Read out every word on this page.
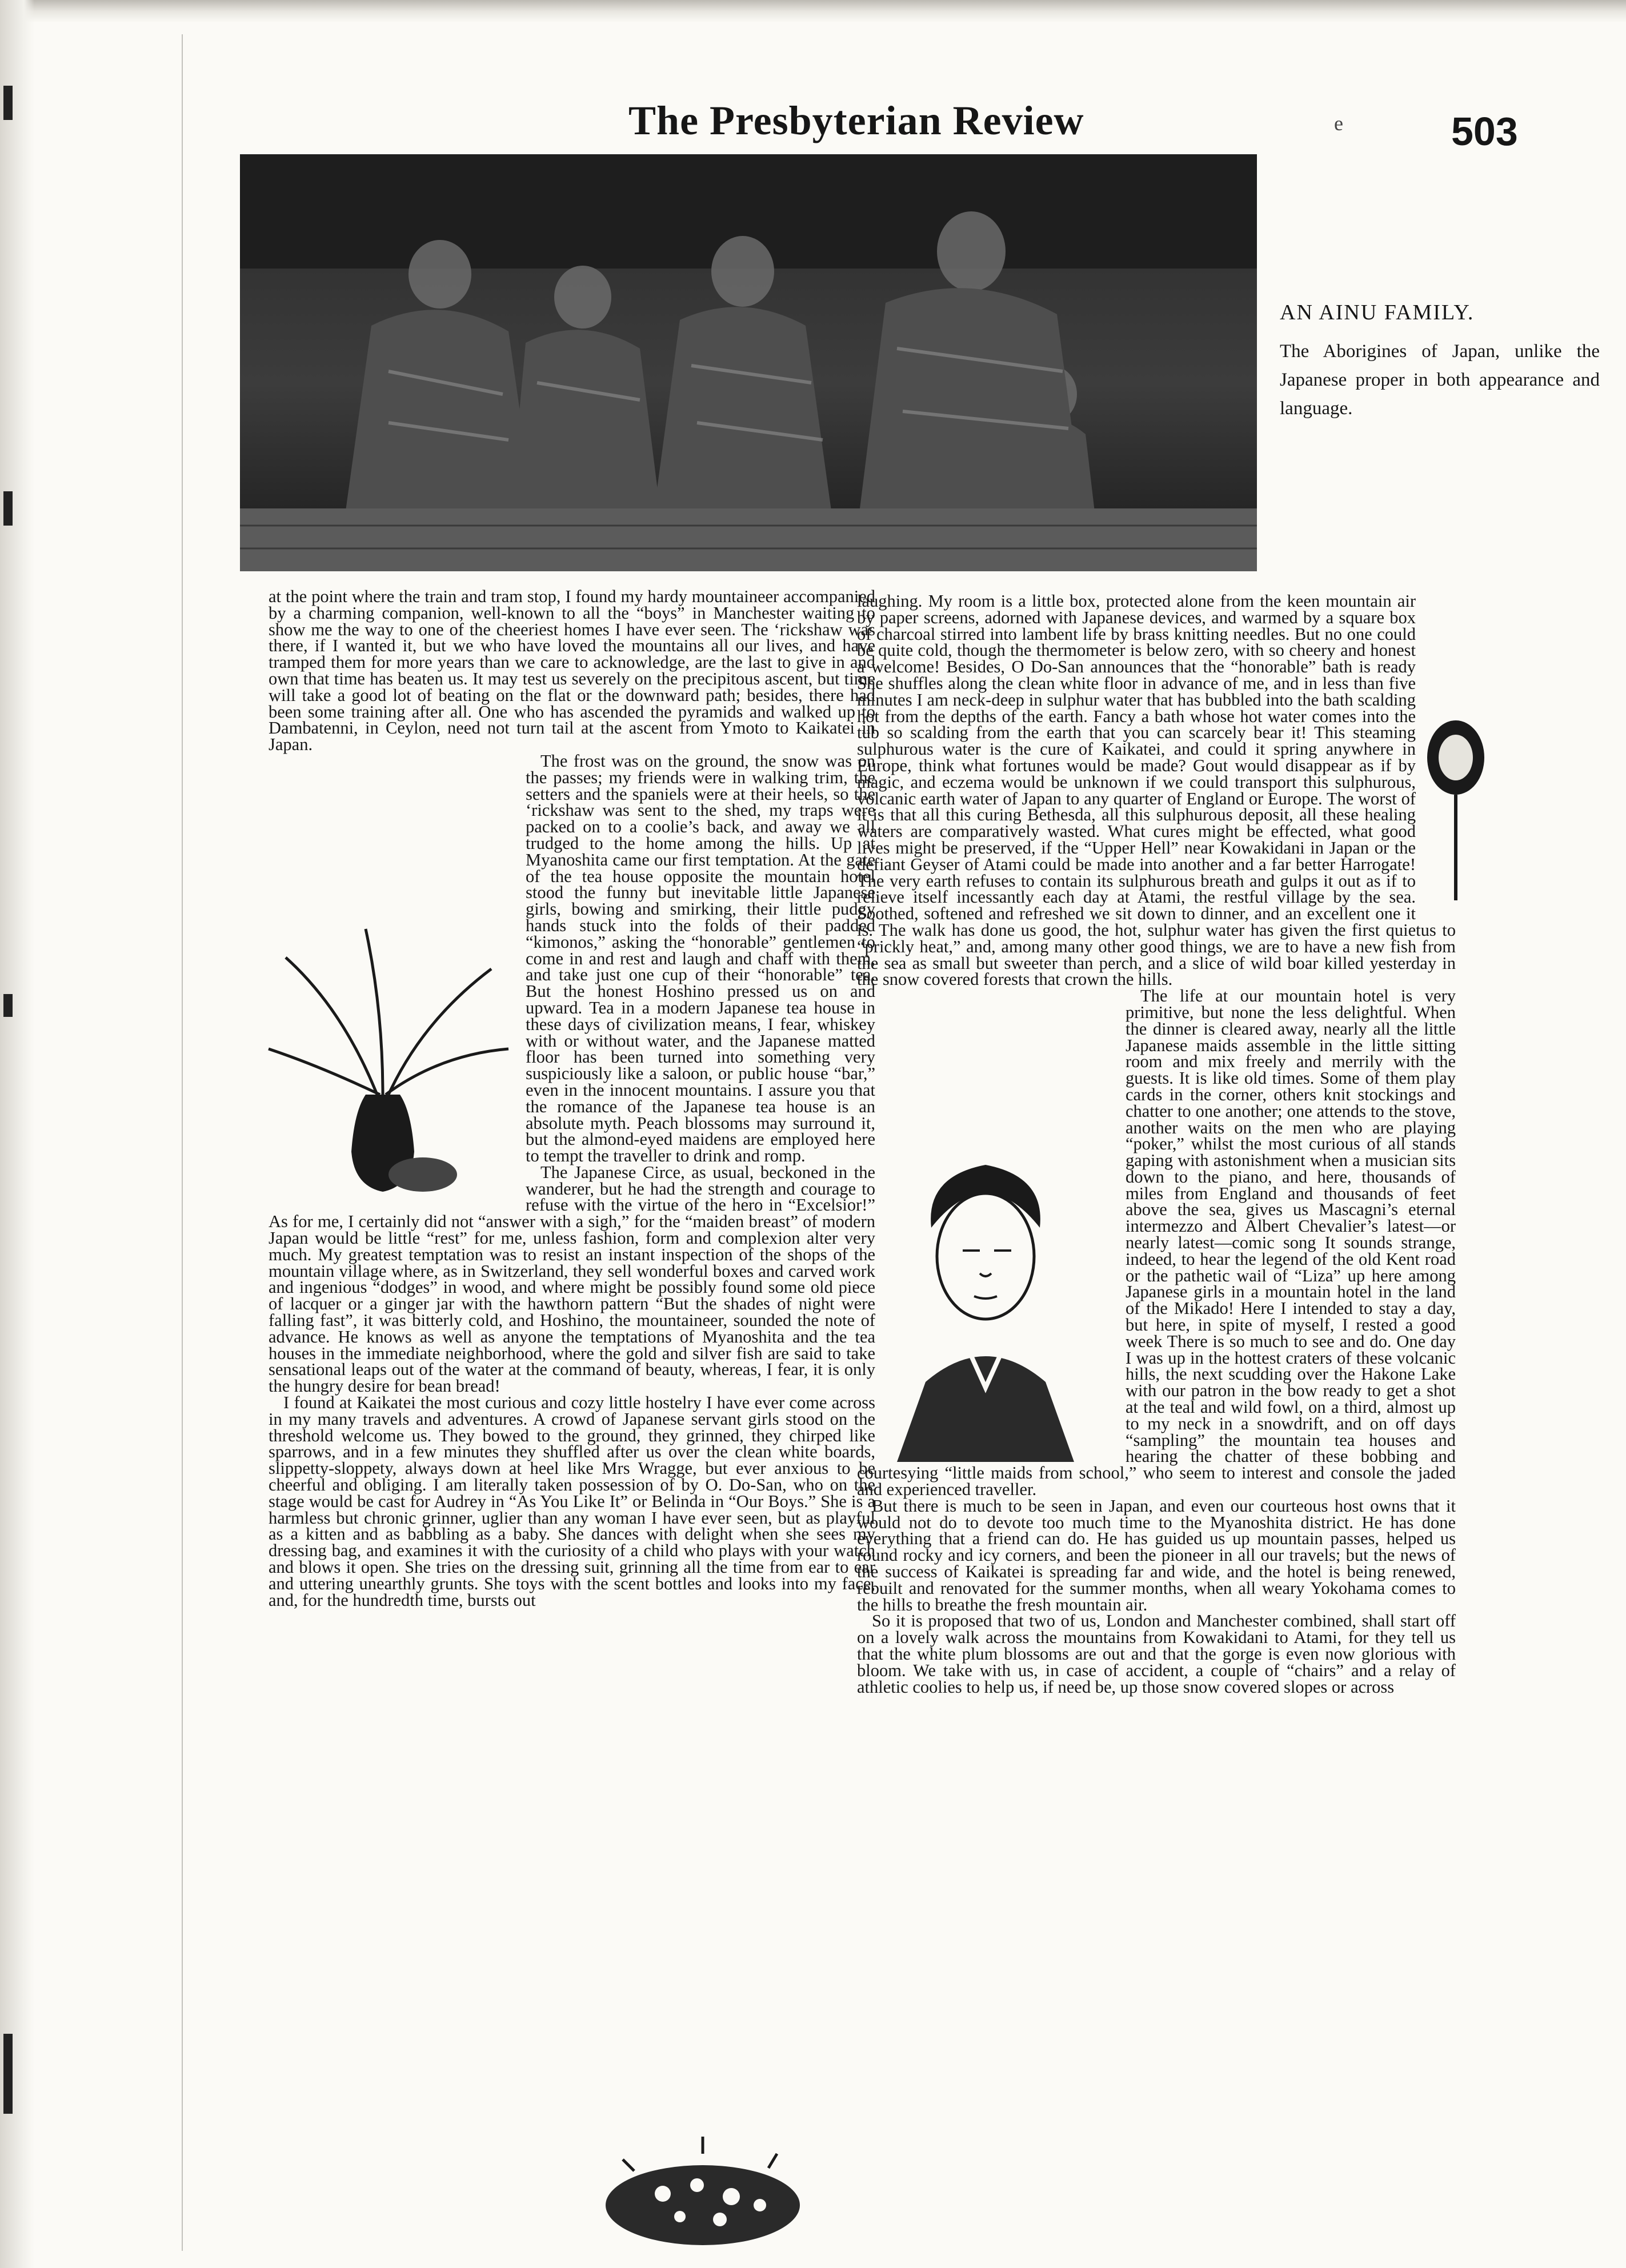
The Presbyterian Review	e	503
AN AINU FAMILY.
The Aborigines of Japan, unlike the Japanese proper in both appearance and language.

at the point where the train and tram stop, I found my hardy mountaineer accompanied by a charming companion, well-known to all the “boys” in Manchester waiting to show me the way to one of the cheeriest homes I have ever seen. The ‘rickshaw was there, if I wanted it, but we who have loved the mountains all our lives, and have tramped them for more years than we care to acknowledge, are the last to give in and own that time has beaten us. It may test us severely on the precipitous ascent, but time will take a good lot of beating on the flat or the downward path; besides, there had been some training after all. One who has ascended the pyramids and walked up to Dambatenni, in Ceylon, need not turn tail at the ascent from Ymoto to Kaikatei in Japan.

The frost was on the ground, the snow was on the passes; my friends were in walking trim, the setters and the spaniels were at their heels, so the ‘rickshaw was sent to the shed, my traps were packed on to a coolie’s back, and away we all trudged to the home among the hills. Up at Myanoshita came our first temptation. At the gate of the tea house opposite the mountain hotel stood the funny but inevitable little Japanese girls, bowing and smirking, their little pudgy hands stuck into the folds of their padded “kimonos,” asking the “honorable” gentlemen to come in and rest and laugh and chaff with them, and take just one cup of their “honorable” tea. But the honest Hoshino pressed us on and upward. Tea in a modern Japanese tea house in these days of civilization means, I fear, whiskey with or without water, and the Japanese matted floor has been turned into something very suspiciously like a saloon, or public house “bar,” even in the innocent mountains. I assure you that the romance of the Japanese tea house is an absolute myth. Peach blossoms may surround it, but the almond-eyed maidens are employed here to tempt the traveller to drink and romp.

The Japanese Circe, as usual, beckoned in the wanderer, but he had the strength and courage to refuse with the virtue of the hero in “Excelsior!” As for me, I certainly did not “answer with a sigh,” for the “maiden breast” of modern Japan would be little “rest” for me, unless fashion, form and complexion alter very much. My greatest temptation was to resist an instant inspection of the shops of the mountain village where, as in Switzerland, they sell wonderful boxes and carved work and ingenious “dodges” in wood, and where might be possibly found some old piece of lacquer or a ginger jar with the hawthorn pattern “But the shades of night were falling fast”, it was bitterly cold, and Hoshino, the mountaineer, sounded the note of advance. He knows as well as anyone the temptations of Myanoshita and the tea houses in the immediate neighborhood, where the gold and silver fish are said to take sensational leaps out of the water at the command of beauty, whereas, I fear, it is only the hungry desire for bean bread!

I found at Kaikatei the most curious and cozy little hostelry I have ever come across in my many travels and adventures. A crowd of Japanese servant girls stood on the threshold welcome us. They bowed to the ground, they grinned, they chirped like sparrows, and in a few minutes they shuffled after us over the clean white boards, slippetty-sloppety, always down at heel like Mrs Wragge, but ever anxious to be cheerful and obliging. I am literally taken possession of by O. Do-San, who on the stage would be cast for Audrey in “As You Like It” or Belinda in “Our Boys.” She is a harmless but chronic grinner, uglier than any woman I have ever seen, but as playful as a kitten and as babbling as a baby. She dances with delight when she sees my dressing bag, and examines it with the curiosity of a child who plays with your watch and blows it open. She tries on the dressing suit, grinning all the time from ear to ear and uttering unearthly grunts. She toys with the scent bottles and looks into my face, and, for the hundredth time, bursts out

laughing. My room is a little box, protected alone from the keen mountain air by paper screens, adorned with Japanese devices, and warmed by a square box of charcoal stirred into lambent life by brass knitting needles. But no one could be quite cold, though the thermometer is below zero, with so cheery and honest a welcome! Besides, O Do-San announces that the “honorable” bath is ready She shuffles along the clean white floor in advance of me, and in less than five minutes I am neck-deep in sulphur water that has bubbled into the bath scalding hot from the depths of the earth. Fancy a bath whose hot water comes into the tub so scalding from the earth that you can scarcely bear it! This steaming sulphurous water is the cure of Kaikatei, and could it spring anywhere in Europe, think what fortunes would be made? Gout would disappear as if by magic, and eczema would be unknown if we could transport this sulphurous, volcanic earth water of Japan to any quarter of England or Europe. The worst of it is that all this curing Bethesda, all this sulphurous deposit, all these healing waters are comparatively wasted. What cures might be effected, what good lives might be preserved, if the “Upper Hell” near Kowakidani in Japan or the defiant Geyser of Atami could be made into another and a far better Harrogate! The very earth refuses to contain its sulphurous breath and gulps it out as if to relieve itself incessantly each day at Atami, the restful village by the sea. Soothed, softened and refreshed we sit down to dinner, and an excellent one it is. The walk has done us good, the hot, sulphur water has given the first quietus to “prickly heat,” and, among many other good things, we are to have a new fish from the sea as small but sweeter than perch, and a slice of wild boar killed yesterday in the snow covered forests that crown the hills.

The life at our mountain hotel is very primitive, but none the less delightful. When the dinner is cleared away, nearly all the little Japanese maids assemble in the little sitting room and mix freely and merrily with the guests. It is like old times. Some of them play cards in the corner, others knit stockings and chatter to one another; one attends to the stove, another waits on the men who are playing “poker,” whilst the most curious of all stands gaping with astonishment when a musician sits down to the piano, and here, thousands of miles from England and thousands of feet above the sea, gives us Mascagni’s eternal intermezzo and Albert Chevalier’s latest—or nearly latest—comic song It sounds strange, indeed, to hear the legend of the old Kent road or the pathetic wail of “Liza” up here among Japanese girls in a mountain hotel in the land of the Mikado! Here I intended to stay a day, but here, in spite of myself, I rested a good week There is so much to see and do. One day I was up in the hottest craters of these volcanic hills, the next scudding over the Hakone Lake with our patron in the bow ready to get a shot at the teal and wild fowl, on a third, almost up to my neck in a snowdrift, and on off days “sampling” the mountain tea houses and hearing the chatter of these bobbing and courtesying “little maids from school,” who seem to interest and console the jaded and experienced traveller.

But there is much to be seen in Japan, and even our courteous host owns that it would not do to devote too much time to the Myanoshita district. He has done everything that a friend can do. He has guided us up mountain passes, helped us round rocky and icy corners, and been the pioneer in all our travels; but the news of the success of Kaikatei is spreading far and wide, and the hotel is being renewed, rebuilt and renovated for the summer months, when all weary Yokohama comes to the hills to breathe the fresh mountain air.

So it is proposed that two of us, London and Manchester combined, shall start off on a lovely walk across the mountains from Kowakidani to Atami, for they tell us that the white plum blossoms are out and that the gorge is even now glorious with bloom. We take with us, in case of accident, a couple of “chairs” and a relay of athletic coolies to help us, if need be, up those snow covered slopes or across
